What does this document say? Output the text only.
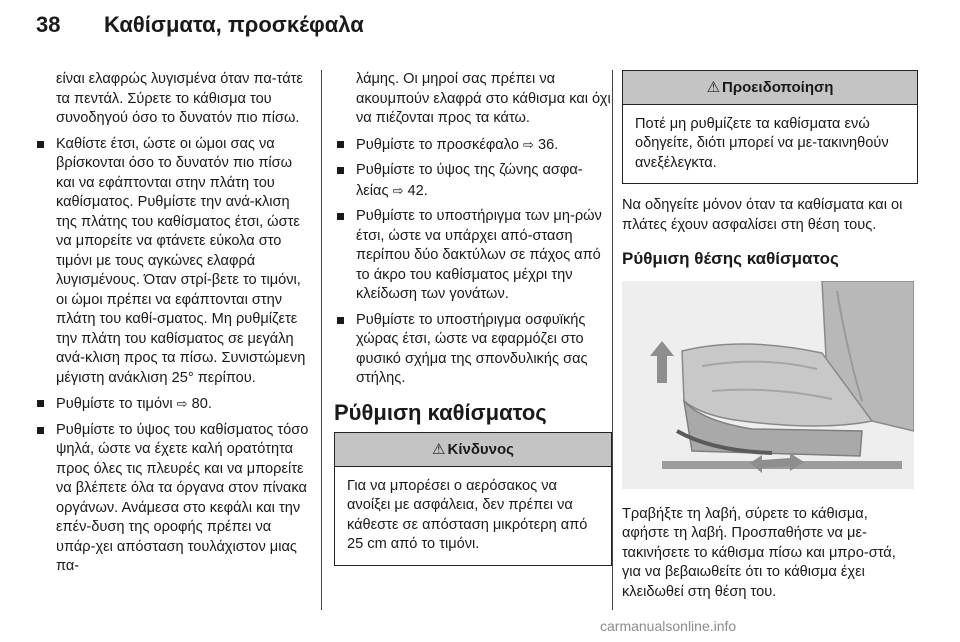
38 Καθίσματα, προσκέφαλα
είναι ελαφρώς λυγισμένα όταν πα-τάτε τα πεντάλ. Σύρετε το κάθισμα του συνοδηγού όσο το δυνατόν πιο πίσω.
Καθίστε έτσι, ώστε οι ώμοι σας να βρίσκονται όσο το δυνατόν πιο πίσω και να εφάπτονται στην πλάτη του καθίσματος. Ρυθμίστε την ανά-κλιση της πλάτης του καθίσματος έτσι, ώστε να μπορείτε να φτάνετε εύκολα στο τιμόνι με τους αγκώνες ελαφρά λυγισμένους. Όταν στρί-βετε το τιμόνι, οι ώμοι πρέπει να εφάπτονται στην πλάτη του καθί-σματος. Μη ρυθμίζετε την πλάτη του καθίσματος σε μεγάλη ανά-κλιση προς τα πίσω. Συνιστώμενη μέγιστη ανάκλιση 25° περίπου.
Ρυθμίστε το τιμόνι ⇨ 80.
Ρυθμίστε το ύψος του καθίσματος τόσο ψηλά, ώστε να έχετε καλή ορατότητα προς όλες τις πλευρές και να μπορείτε να βλέπετε όλα τα όργανα στον πίνακα οργάνων. Ανάμεσα στο κεφάλι και την επέν-δυση της οροφής πρέπει να υπάρ-χει απόσταση τουλάχιστον μιας πα-
λάμης. Οι μηροί σας πρέπει να ακουμπούν ελαφρά στο κάθισμα και όχι να πιέζονται προς τα κάτω.
Ρυθμίστε το προσκέφαλο ⇨ 36.
Ρυθμίστε το ύψος της ζώνης ασφα-λείας ⇨ 42.
Ρυθμίστε το υποστήριγμα των μη-ρών έτσι, ώστε να υπάρχει από-σταση περίπου δύο δακτύλων σε πάχος από το άκρο του καθίσματος μέχρι την κλείδωση των γονάτων.
Ρυθμίστε το υποστήριγμα οσφυϊκής χώρας έτσι, ώστε να εφαρμόζει στο φυσικό σχήμα της σπονδυλικής σας στήλης.
Ρύθμιση καθίσματος
⚠ Κίνδυνος
Για να μπορέσει ο αερόσακος να ανοίξει με ασφάλεια, δεν πρέπει να κάθεστε σε απόσταση μικρότερη από 25 cm από το τιμόνι.
⚠ Προειδοποίηση
Ποτέ μη ρυθμίζετε τα καθίσματα ενώ οδηγείτε, διότι μπορεί να με-τακινηθούν ανεξέλεγκτα.
Να οδηγείτε μόνον όταν τα καθίσματα και οι πλάτες έχουν ασφαλίσει στη θέση τους.
Ρύθμιση θέσης καθίσματος
Τραβήξτε τη λαβή, σύρετε το κάθισμα, αφήστε τη λαβή. Προσπαθήστε να με-τακινήσετε το κάθισμα πίσω και μπρο-στά, για να βεβαιωθείτε ότι το κάθισμα έχει κλειδωθεί στη θέση του.
carmanualsonline.info
